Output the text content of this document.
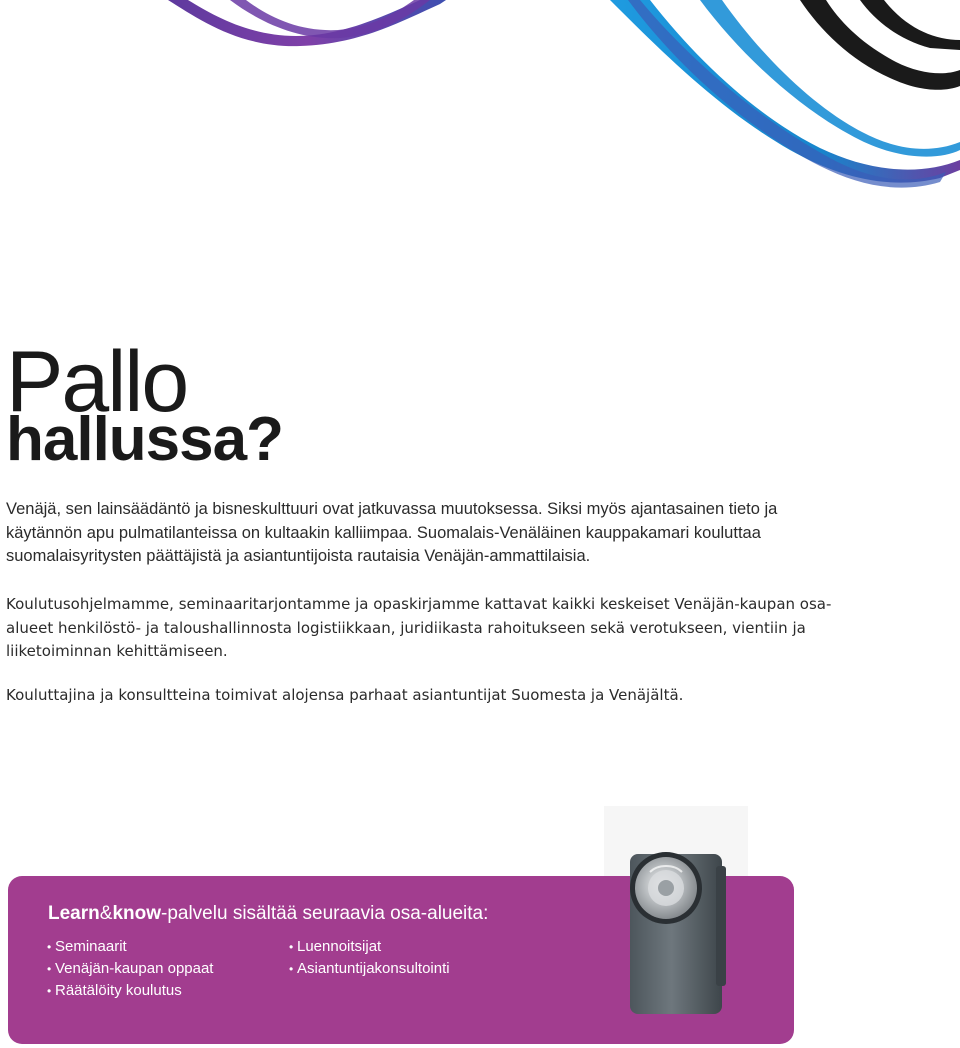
Pallo
hallussa?

Venäjä, sen lainsäädäntö ja bisneskulttuuri ovat jatkuvassa muutoksessa. Siksi myös ajantasainen tieto ja käytännön apu pulmatilanteissa on kultaakin kalliimpaa. Suomalais-Venäläinen kauppakamari kouluttaa suomalaisyritysten päättäjistä ja asiantuntijoista rautaisia Venäjän-ammattilaisia.

Koulutusohjelmamme, seminaaritarjontamme ja opaskirjamme kattavat kaikki keskeiset Venäjän-kaupan osa-alueet henkilöstö- ja taloushallinnosta logistiikkaan, juridiikasta rahoitukseen sekä verotukseen, vientiin ja liiketoiminnan kehittämiseen.

Kouluttajina ja konsultteina toimivat alojensa parhaat asiantuntijat Suomesta ja Venäjältä.

Learn&know-palvelu sisältää seuraavia osa-alueita:
• Seminaarit
• Venäjän-kaupan oppaat
• Räätälöity koulutus
• Luennoitsijat
• Asiantuntijakonsultointi
